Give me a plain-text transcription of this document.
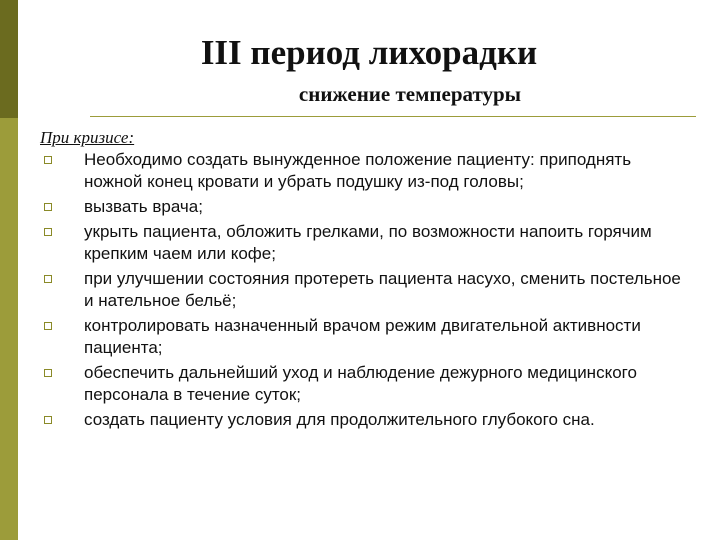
III период лихорадки
снижение температуры
При кризисе:
Необходимо создать вынужденное положение пациенту: приподнять ножной конец кровати и убрать подушку из-под головы;
вызвать врача;
укрыть пациента, обложить грелками, по возможности напоить горячим крепким чаем или кофе;
при улучшении состояния протереть пациента насухо, сменить постельное и нательное бельё;
контролировать назначенный врачом режим двигательной активности пациента;
обеспечить дальнейший уход и наблюдение дежурного медицинского персонала в течение суток;
создать пациенту условия для продолжительного глубокого сна.
